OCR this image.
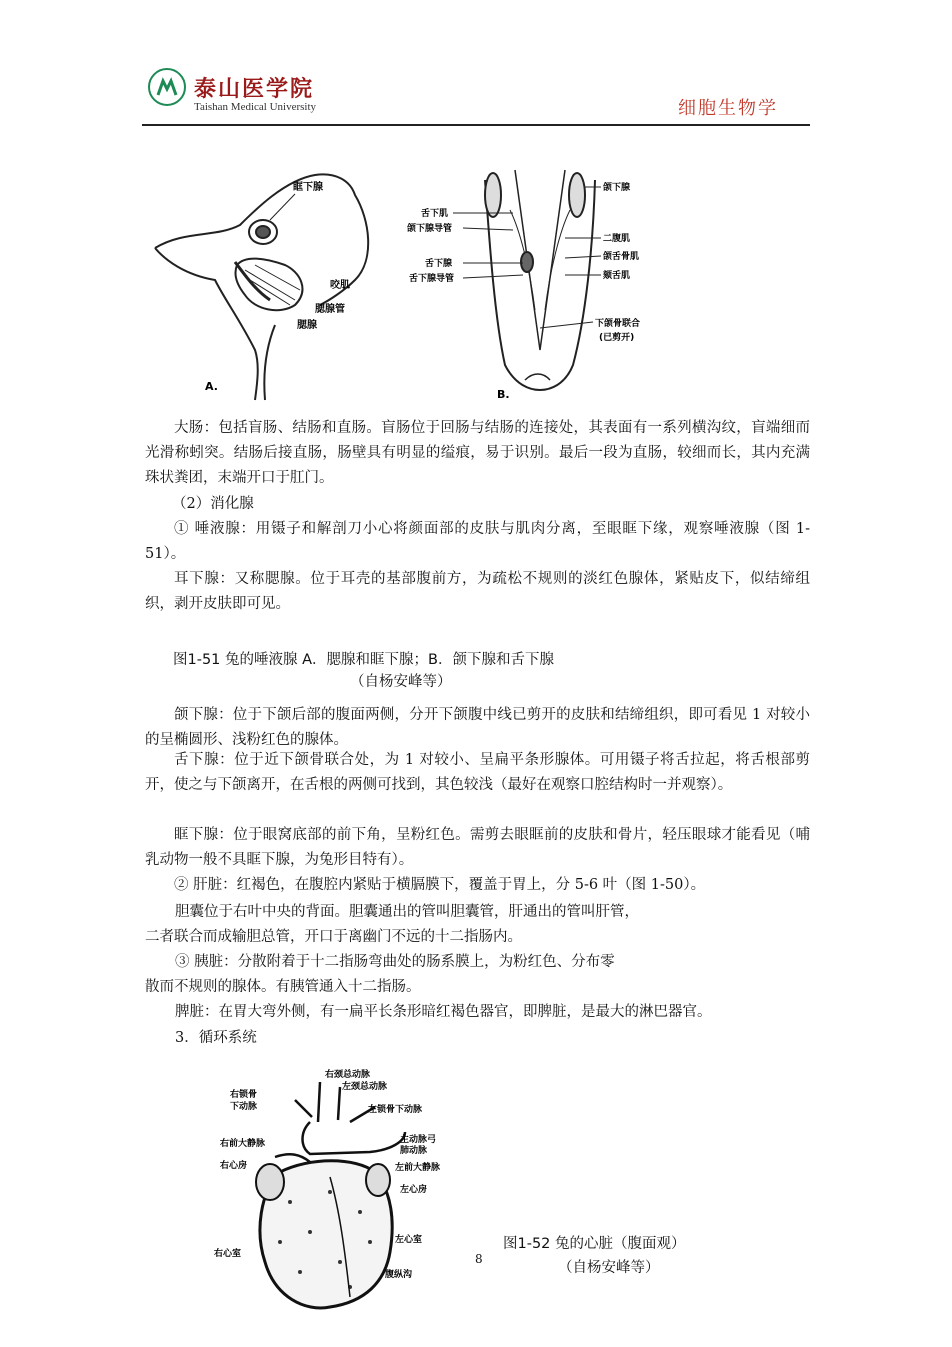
泰山医学院
Taishan Medical University	细胞生物学
眶下腺
咬肌
腮腺管
腮腺
A.
舌下肌
颌下腺导管
舌下腺
舌下腺导管
颌下腺
二腹肌
颌舌骨肌
颏舌肌
下颌骨联合
(已剪开)
B.
大肠：包括盲肠、结肠和直肠。盲肠位于回肠与结肠的连接处，其表面有一系列横沟纹，盲端细而光滑称蚓突。结肠后接直肠，肠壁具有明显的缢痕，易于识别。最后一段为直肠，较细而长，其内充满珠状粪团，末端开口于肛门。
（2）消化腺
① 唾液腺：用镊子和解剖刀小心将颜面部的皮肤与肌肉分离，至眼眶下缘，观察唾液腺（图 1-51）。
耳下腺：又称腮腺。位于耳壳的基部腹前方，为疏松不规则的淡红色腺体，紧贴皮下，似结缔组织，剥开皮肤即可见。
图1-51 兔的唾液腺 A．腮腺和眶下腺；B．颌下腺和舌下腺
（自杨安峰等）
颌下腺：位于下颌后部的腹面两侧，分开下颌腹中线已剪开的皮肤和结缔组织，即可看见 1 对较小的呈椭圆形、浅粉红色的腺体。
舌下腺：位于近下颌骨联合处，为 1 对较小、呈扁平条形腺体。可用镊子将舌拉起，将舌根部剪开，使之与下颌离开，在舌根的两侧可找到，其色较浅（最好在观察口腔结构时一并观察）。
眶下腺：位于眼窝底部的前下角，呈粉红色。需剪去眼眶前的皮肤和骨片，轻压眼球才能看见（哺乳动物一般不具眶下腺，为兔形目特有）。
② 肝脏：红褐色，在腹腔内紧贴于横膈膜下，覆盖于胃上，分 5-6 叶（图 1-50）。
胆囊位于右叶中央的背面。胆囊通出的管叫胆囊管，肝通出的管叫肝管，
二者联合而成输胆总管，开口于离幽门不远的十二指肠内。
③ 胰脏：分散附着于十二指肠弯曲处的肠系膜上，为粉红色、分布零
散而不规则的腺体。有胰管通入十二指肠。
脾脏：在胃大弯外侧，有一扁平长条形暗红褐色器官，即脾脏，是最大的淋巴器官。
3．循环系统
右颈总动脉
左颈总动脉
右锁骨
下动脉	左锁骨下动脉
右前大静脉	主动脉弓
肺动脉
右心房	左前大静脉
左心房
右心室
左心室
腹纵沟
8
图1-52 兔的心脏（腹面观）
（自杨安峰等）
